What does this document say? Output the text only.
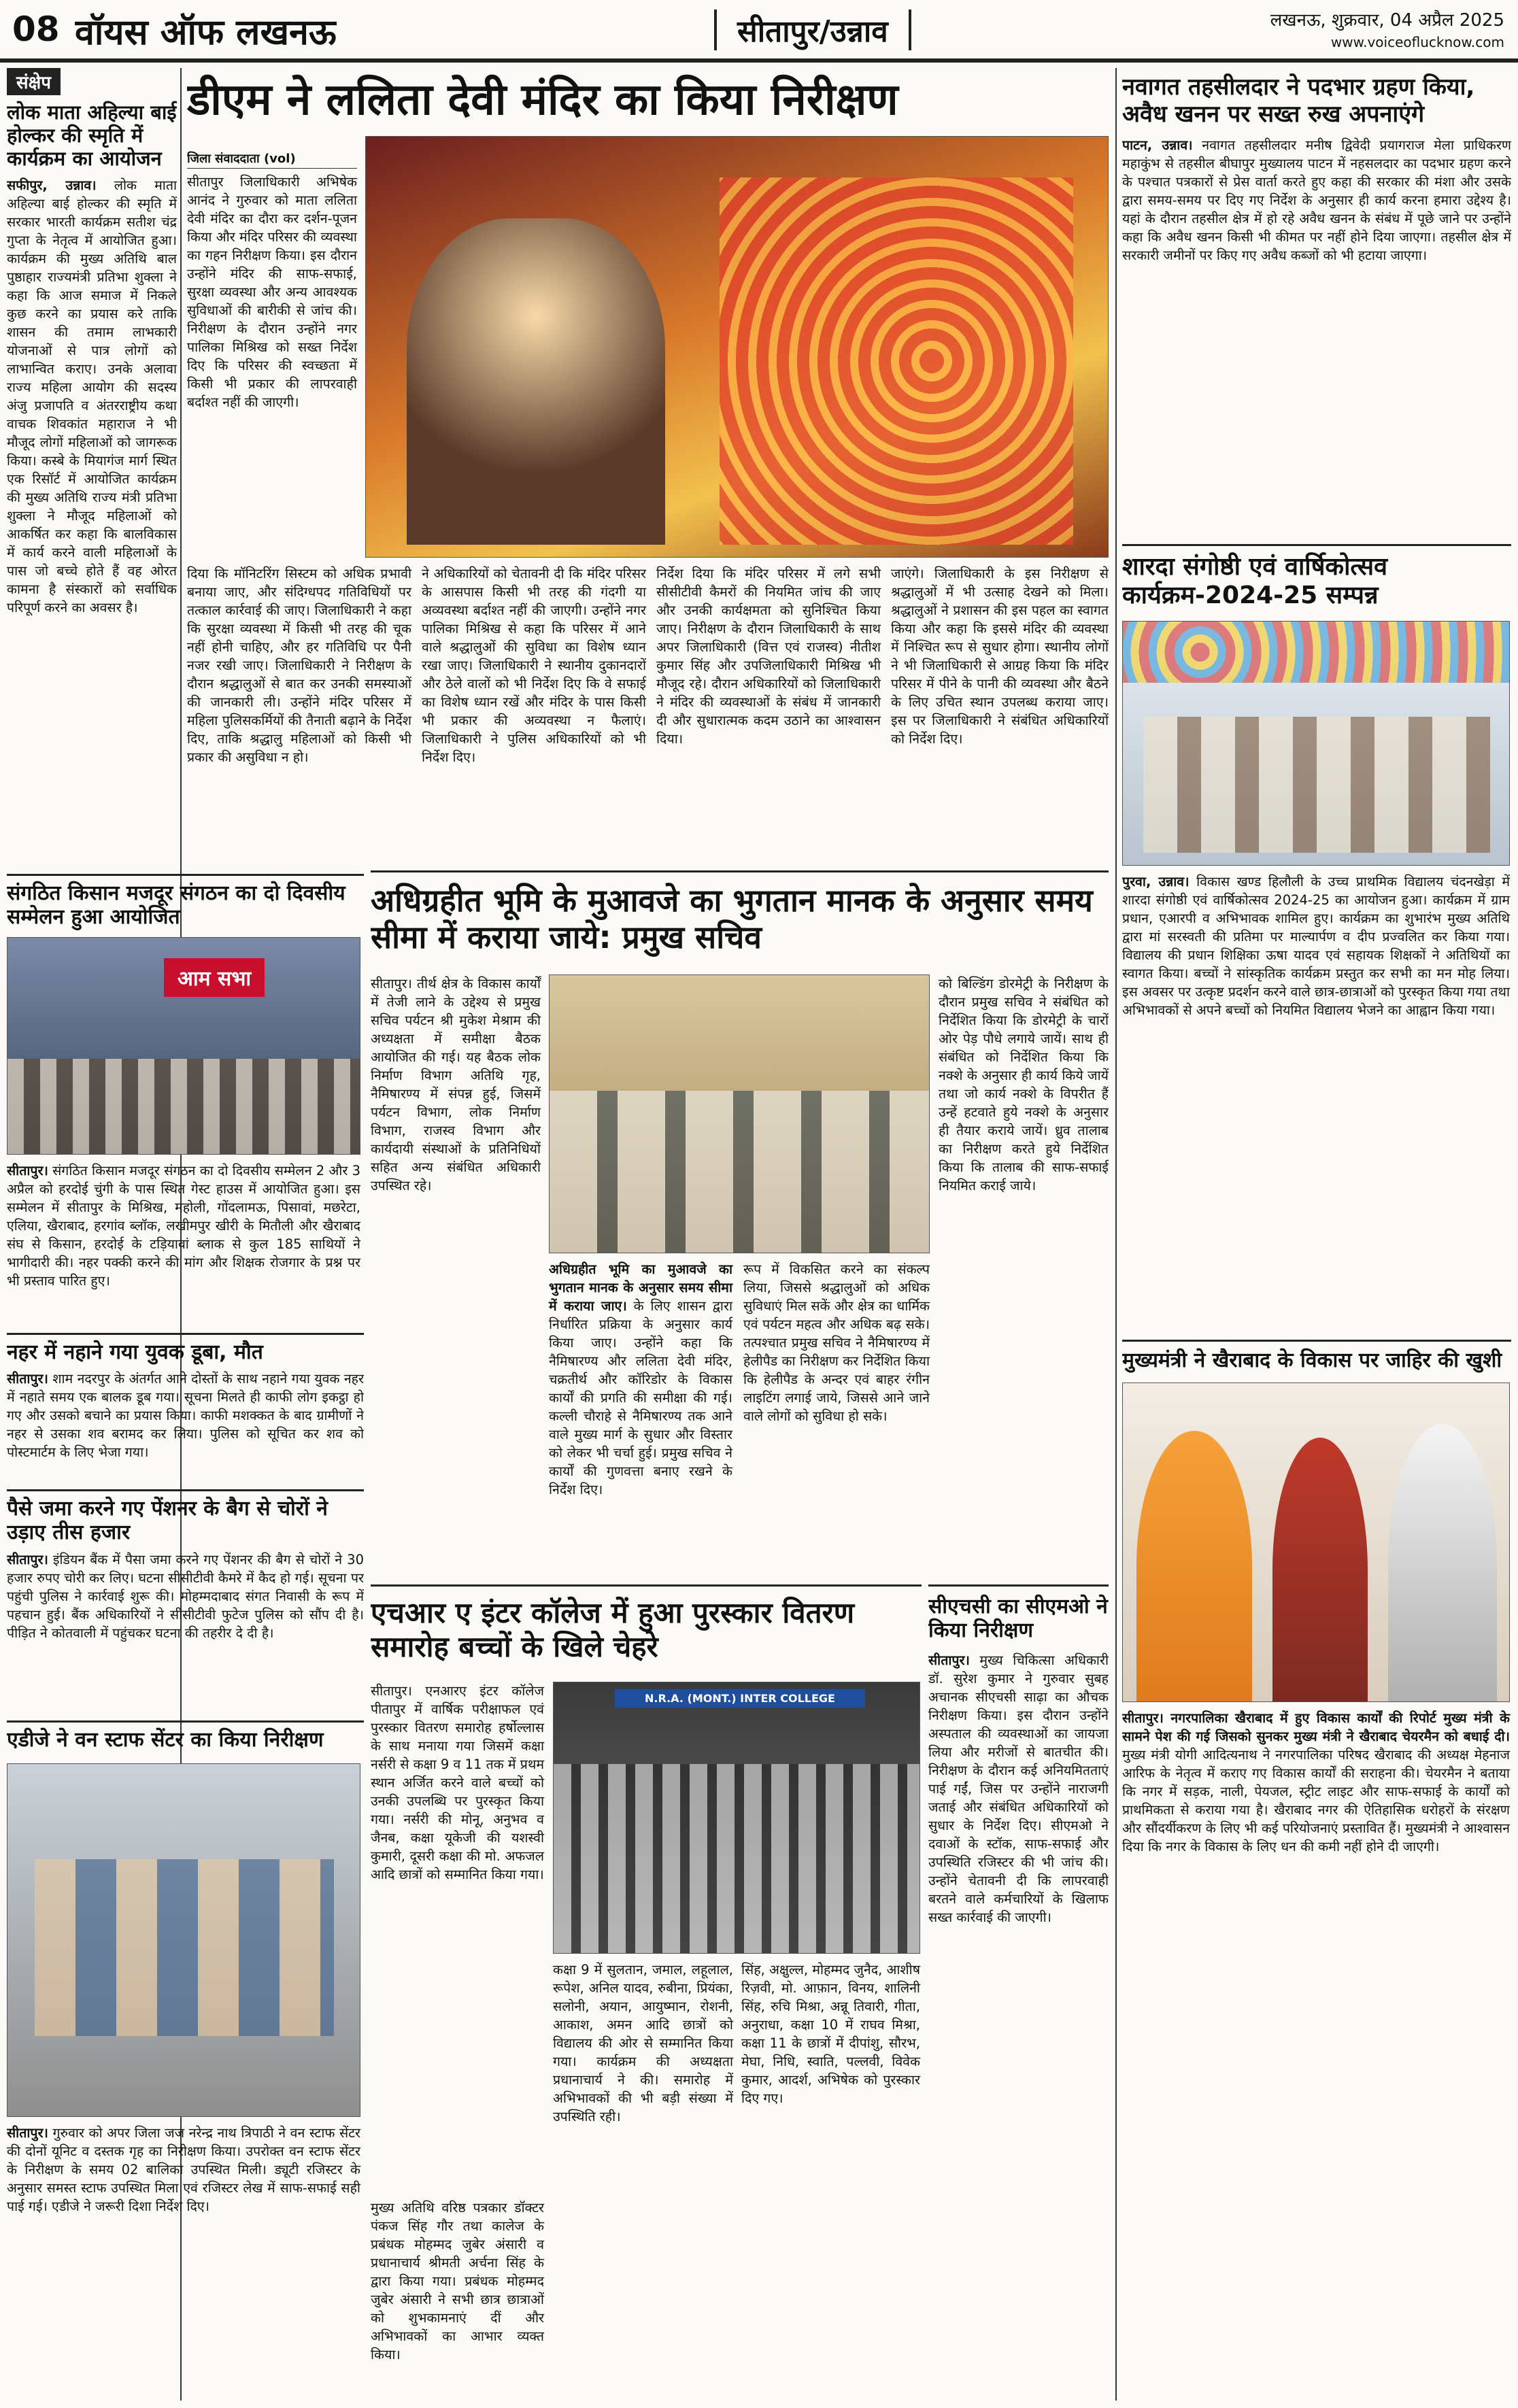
08 वॉयस ऑफ लखनऊ	सीतापुर/उन्नाव	लखनऊ, शुक्रवार, 04 अप्रैल 2025
www.voiceoflucknow.com
संक्षेप
लोक माता अहिल्या बाई होल्कर की स्मृति में कार्यक्रम का आयोजन
सफीपुर, उन्नाव। लोक माता अहिल्या बाई होल्कर की स्मृति में सरकार भारती कार्यक्रम सतीश चंद्र गुप्ता के नेतृत्व में आयोजित हुआ। कार्यक्रम की मुख्य अतिथि बाल पुष्ठाहार राज्यमंत्री प्रतिभा शुक्ला ने कहा कि आज समाज में निकले कुछ करने का प्रयास करे ताकि शासन की तमाम लाभकारी योजनाओं से पात्र लोगों को लाभान्वित कराए। उनके अलावा राज्य महिला आयोग की सदस्य अंजु प्रजापति व अंतरराष्ट्रीय कथा वाचक शिवकांत महाराज ने भी मौजूद लोगों महिलाओं को जागरूक किया। कस्बे के मियागंज मार्ग स्थित एक रिसॉर्ट में आयोजित कार्यक्रम की मुख्य अतिथि राज्य मंत्री प्रतिभा शुक्ला ने मौजूद महिलाओं को आकर्षित कर कहा कि बालविकास में कार्य करने वाली महिलाओं के पास जो बच्चे होते हैं वह ओरत कामना है संस्कारों को सर्वाधिक परिपूर्ण करने का अवसर है।
संगठित किसान मजदूर संगठन का दो दिवसीय सम्मेलन हुआ आयोजित
आम सभा
सीतापुर। संगठित किसान मजदूर संगठन का दो दिवसीय सम्मेलन 2 और 3 अप्रैल को हरदोई चुंगी के पास स्थित गेस्ट हाउस में आयोजित हुआ। इस सम्मेलन में सीतापुर के मिश्रिख, महोली, गोंदलामऊ, पिसावां, मछरेटा, एलिया, खैराबाद, हरगांव ब्लॉक, लखीमपुर खीरी के मितौली और खैराबाद संघ से किसान, हरदोई के टड़ियावां ब्लाक से कुल 185 साथियों ने भागीदारी की। नहर पक्की करने की मांग और शिक्षक रोजगार के प्रश्न पर भी प्रस्ताव पारित हुए।
नहर में नहाने गया युवक डूबा, मौत
सीतापुर। शाम नदरपुर के अंतर्गत आने दोस्तों के साथ नहाने गया युवक नहर में नहाते समय एक बालक डूब गया। सूचना मिलते ही काफी लोग इकट्ठा हो गए और उसको बचाने का प्रयास किया। काफी मशक्कत के बाद ग्रामीणों ने नहर से उसका शव बरामद कर लिया। पुलिस को सूचित कर शव को पोस्टमार्टम के लिए भेजा गया।
पैसे जमा करने गए पेंशनर के बैग से चोरों ने उड़ाए तीस हजार
सीतापुर। इंडियन बैंक में पैसा जमा करने गए पेंशनर की बैग से चोरों ने 30 हजार रुपए चोरी कर लिए। घटना सीसीटीवी कैमरे में कैद हो गई। सूचना पर पहुंची पुलिस ने कार्रवाई शुरू की। मोहम्मदाबाद संगत निवासी के रूप में पहचान हुई। बैंक अधिकारियों ने सीसीटीवी फुटेज पुलिस को सौंप दी है। पीड़ित ने कोतवाली में पहुंचकर घटना की तहरीर दे दी है।
एडीजे ने वन स्टाफ सेंटर का किया निरीक्षण
सीतापुर। गुरुवार को अपर जिला जज नरेन्द्र नाथ त्रिपाठी ने वन स्टाफ सेंटर की दोनों यूनिट व दस्तक गृह का निरीक्षण किया। उपरोक्त वन स्टाफ सेंटर के निरीक्षण के समय 02 बालिका उपस्थित मिली। ड्यूटी रजिस्टर के अनुसार समस्त स्टाफ उपस्थित मिला एवं रजिस्टर लेख में साफ-सफाई सही पाई गई। एडीजे ने जरूरी दिशा निर्देश दिए।
डीएम ने ललिता देवी मंदिर का किया निरीक्षण
जिला संवाददाता (vol)
सीतापुर जिलाधिकारी अभिषेक आनंद ने गुरुवार को माता ललिता देवी मंदिर का दौरा कर दर्शन-पूजन किया और मंदिर परिसर की व्यवस्था का गहन निरीक्षण किया। इस दौरान उन्होंने मंदिर की साफ-सफाई, सुरक्षा व्यवस्था और अन्य आवश्यक सुविधाओं की बारीकी से जांच की। निरीक्षण के दौरान उन्होंने नगर पालिका मिश्रिख को सख्त निर्देश दिए कि परिसर की स्वच्छता में किसी भी प्रकार की लापरवाही बर्दाश्त नहीं की जाएगी।
दिया कि मॉनिटरिंग सिस्टम को अधिक प्रभावी बनाया जाए, और संदिग्धपद गतिविधियों पर तत्काल कार्रवाई की जाए। जिलाधिकारी ने कहा कि सुरक्षा व्यवस्था में किसी भी तरह की चूक नहीं होनी चाहिए, और हर गतिविधि पर पैनी नजर रखी जाए। जिलाधिकारी ने निरीक्षण के दौरान श्रद्धालुओं से बात कर उनकी समस्याओं की जानकारी ली। उन्होंने मंदिर परिसर में महिला पुलिसकर्मियों की तैनाती बढ़ाने के निर्देश दिए, ताकि श्रद्धालु महिलाओं को किसी भी प्रकार की असुविधा न हो।
ने अधिकारियों को चेतावनी दी कि मंदिर परिसर के आसपास किसी भी तरह की गंदगी या अव्यवस्था बर्दाश्त नहीं की जाएगी। उन्होंने नगर पालिका मिश्रिख से कहा कि परिसर में आने वाले श्रद्धालुओं की सुविधा का विशेष ध्यान रखा जाए। जिलाधिकारी ने स्थानीय दुकानदारों और ठेले वालों को भी निर्देश दिए कि वे सफाई का विशेष ध्यान रखें और मंदिर के पास किसी भी प्रकार की अव्यवस्था न फैलाएं। जिलाधिकारी ने पुलिस अधिकारियों को भी निर्देश दिए।
निर्देश दिया कि मंदिर परिसर में लगे सभी सीसीटीवी कैमरों की नियमित जांच की जाए और उनकी कार्यक्षमता को सुनिश्चित किया जाए। निरीक्षण के दौरान जिलाधिकारी के साथ अपर जिलाधिकारी (वित्त एवं राजस्व) नीतीश कुमार सिंह और उपजिलाधिकारी मिश्रिख भी मौजूद रहे। दौरान अधिकारियों को जिलाधिकारी ने मंदिर की व्यवस्थाओं के संबंध में जानकारी दी और सुधारात्मक कदम उठाने का आश्वासन दिया।
जाएंगे। जिलाधिकारी के इस निरीक्षण से श्रद्धालुओं में भी उत्साह देखने को मिला। श्रद्धालुओं ने प्रशासन की इस पहल का स्वागत किया और कहा कि इससे मंदिर की व्यवस्था में निश्चित रूप से सुधार होगा। स्थानीय लोगों ने भी जिलाधिकारी से आग्रह किया कि मंदिर परिसर में पीने के पानी की व्यवस्था और बैठने के लिए उचित स्थान उपलब्ध कराया जाए। इस पर जिलाधिकारी ने संबंधित अधिकारियों को निर्देश दिए।
अधिग्रहीत भूमि के मुआवजे का भुगतान मानक के अनुसार समय सीमा में कराया जाये: प्रमुख सचिव
सीतापुर। तीर्थ क्षेत्र के विकास कार्यों में तेजी लाने के उद्देश्य से प्रमुख सचिव पर्यटन श्री मुकेश मेश्राम की अध्यक्षता में समीक्षा बैठक आयोजित की गई। यह बैठक लोक निर्माण विभाग अतिथि गृह, नैमिषारण्य में संपन्न हुई, जिसमें पर्यटन विभाग, लोक निर्माण विभाग, राजस्व विभाग और कार्यदायी संस्थाओं के प्रतिनिधियों सहित अन्य संबंधित अधिकारी उपस्थित रहे।
अधिग्रहीत भूमि का मुआवजे का भुगतान मानक के अनुसार समय सीमा में कराया जाए। के लिए शासन द्वारा निर्धारित प्रक्रिया के अनुसार कार्य किया जाए। उन्होंने कहा कि नैमिषारण्य और ललिता देवी मंदिर, चक्रतीर्थ और कॉरिडोर के विकास कार्यों की प्रगति की समीक्षा की गई। कल्ली चौराहे से नैमिषारण्य तक आने वाले मुख्य मार्ग के सुधार और विस्तार को लेकर भी चर्चा हुई। प्रमुख सचिव ने कार्यों की गुणवत्ता बनाए रखने के निर्देश दिए।
रूप में विकसित करने का संकल्प लिया, जिससे श्रद्धालुओं को अधिक सुविधाएं मिल सकें और क्षेत्र का धार्मिक एवं पर्यटन महत्व और अधिक बढ़ सके। तत्पश्चात प्रमुख सचिव ने नैमिषारण्य में हेलीपैड का निरीक्षण कर निर्देशित किया कि हेलीपैड के अन्दर एवं बाहर रंगीन लाइटिंग लगाई जाये, जिससे आने जाने वाले लोगों को सुविधा हो सके।
को बिल्डिंग डोरमेट्री के निरीक्षण के दौरान प्रमुख सचिव ने संबंधित को निर्देशित किया कि डोरमेट्री के चारों ओर पेड़ पौधे लगाये जायें। साथ ही संबंधित को निर्देशित किया कि नक्शे के अनुसार ही कार्य किये जायें तथा जो कार्य नक्शे के विपरीत हैं उन्हें हटवाते हुये नक्शे के अनुसार ही तैयार कराये जायें। ध्रुव तालाब का निरीक्षण करते हुये निर्देशित किया कि तालाब की साफ-सफाई नियमित कराई जाये।
एचआर ए इंटर कॉलेज में हुआ पुरस्कार वितरण समारोह बच्चों के खिले चेहरे
सीतापुर। एनआरए इंटर कॉलेज पीतापुर में वार्षिक परीक्षाफल एवं पुरस्कार वितरण समारोह हर्षोल्लास के साथ मनाया गया जिसमें कक्षा नर्सरी से कक्षा 9 व 11 तक में प्रथम स्थान अर्जित करने वाले बच्चों को उनकी उपलब्धि पर पुरस्कृत किया गया। नर्सरी की मोनू, अनुभव व जैनब, कक्षा यूकेजी की यशस्वी कुमारी, दूसरी कक्षा की मो. अफजल आदि छात्रों को सम्मानित किया गया।
N.R.A. (MONT.) INTER COLLEGE
कक्षा 9 में सुलतान, जमाल, लहूलाल, रूपेश, अनिल यादव, रुबीना, प्रियंका, सलोनी, अयान, आयुष्मान, रोशनी, आकाश, अमन आदि छात्रों को विद्यालय की ओर से सम्मानित किया गया। कार्यक्रम की अध्यक्षता प्रधानाचार्य ने की। समारोह में अभिभावकों की भी बड़ी संख्या में उपस्थिति रही।
सिंह, अक्षुल्ल, मोहम्मद जुनैद, आशीष रिज़वी, मो. आफ़ान, विनय, शालिनी सिंह, रुचि मिश्रा, अन्नू तिवारी, गीता, अनुराधा, कक्षा 10 में राघव मिश्रा, कक्षा 11 के छात्रों में दीपांशु, सौरभ, मेघा, निधि, स्वाति, पल्लवी, विवेक कुमार, आदर्श, अभिषेक को पुरस्कार दिए गए।
मुख्य अतिथि वरिष्ठ पत्रकार डॉक्टर पंकज सिंह गौर तथा कालेज के प्रबंधक मोहम्मद जुबेर अंसारी व प्रधानाचार्य श्रीमती अर्चना सिंह के द्वारा किया गया। प्रबंधक मोहम्मद जुबेर अंसारी ने सभी छात्र छात्राओं को शुभकामनाएं दीं और अभिभावकों का आभार व्यक्त किया।
सीएचसी का सीएमओ ने किया निरीक्षण
सीतापुर। मुख्य चिकित्सा अधिकारी डॉ. सुरेश कुमार ने गुरुवार सुबह अचानक सीएचसी साढ़ा का औचक निरीक्षण किया। इस दौरान उन्होंने अस्पताल की व्यवस्थाओं का जायजा लिया और मरीजों से बातचीत की। निरीक्षण के दौरान कई अनियमितताएं पाई गईं, जिस पर उन्होंने नाराजगी जताई और संबंधित अधिकारियों को सुधार के निर्देश दिए। सीएमओ ने दवाओं के स्टॉक, साफ-सफाई और उपस्थिति रजिस्टर की भी जांच की। उन्होंने चेतावनी दी कि लापरवाही बरतने वाले कर्मचारियों के खिलाफ सख्त कार्रवाई की जाएगी।
नवागत तहसीलदार ने पदभार ग्रहण किया, अवैध खनन पर सख्त रुख अपनाएंगे
पाटन, उन्नाव। नवागत तहसीलदार मनीष द्विवेदी प्रयागराज मेला प्राधिकरण महाकुंभ से तहसील बीघापुर मुख्यालय पाटन में नहसलदार का पदभार ग्रहण करने के पश्चात पत्रकारों से प्रेस वार्ता करते हुए कहा की सरकार की मंशा और उसके द्वारा समय-समय पर दिए गए निर्देश के अनुसार ही कार्य करना हमारा उद्देश्य है। यहां के दौरान तहसील क्षेत्र में हो रहे अवैध खनन के संबंध में पूछे जाने पर उन्होंने कहा कि अवैध खनन किसी भी कीमत पर नहीं होने दिया जाएगा। तहसील क्षेत्र में सरकारी जमीनों पर किए गए अवैध कब्जों को भी हटाया जाएगा।
शारदा संगोष्ठी एवं वार्षिकोत्सव कार्यक्रम-2024-25 सम्पन्न
पुरवा, उन्नाव। विकास खण्ड हिलौली के उच्च प्राथमिक विद्यालय चंदनखेड़ा में शारदा संगोष्ठी एवं वार्षिकोत्सव 2024-25 का आयोजन हुआ। कार्यक्रम में ग्राम प्रधान, एआरपी व अभिभावक शामिल हुए। कार्यक्रम का शुभारंभ मुख्य अतिथि द्वारा मां सरस्वती की प्रतिमा पर माल्यार्पण व दीप प्रज्वलित कर किया गया। विद्यालय की प्रधान शिक्षिका ऊषा यादव एवं सहायक शिक्षकों ने अतिथियों का स्वागत किया। बच्चों ने सांस्कृतिक कार्यक्रम प्रस्तुत कर सभी का मन मोह लिया। इस अवसर पर उत्कृष्ट प्रदर्शन करने वाले छात्र-छात्राओं को पुरस्कृत किया गया तथा अभिभावकों से अपने बच्चों को नियमित विद्यालय भेजने का आह्वान किया गया।
मुख्यमंत्री ने खैराबाद के विकास पर जाहिर की खुशी
सीतापुर। नगरपालिका खैराबाद में हुए विकास कार्यों की रिपोर्ट मुख्य मंत्री के सामने पेश की गई जिसको सुनकर मुख्य मंत्री ने खैराबाद चेयरमैन को बधाई दी। मुख्य मंत्री योगी आदित्यनाथ ने नगरपालिका परिषद खैराबाद की अध्यक्ष मेहनाज आरिफ के नेतृत्व में कराए गए विकास कार्यों की सराहना की। चेयरमैन ने बताया कि नगर में सड़क, नाली, पेयजल, स्ट्रीट लाइट और साफ-सफाई के कार्यों को प्राथमिकता से कराया गया है। खैराबाद नगर की ऐतिहासिक धरोहरों के संरक्षण और सौंदर्यीकरण के लिए भी कई परियोजनाएं प्रस्तावित हैं। मुख्यमंत्री ने आश्वासन दिया कि नगर के विकास के लिए धन की कमी नहीं होने दी जाएगी।
